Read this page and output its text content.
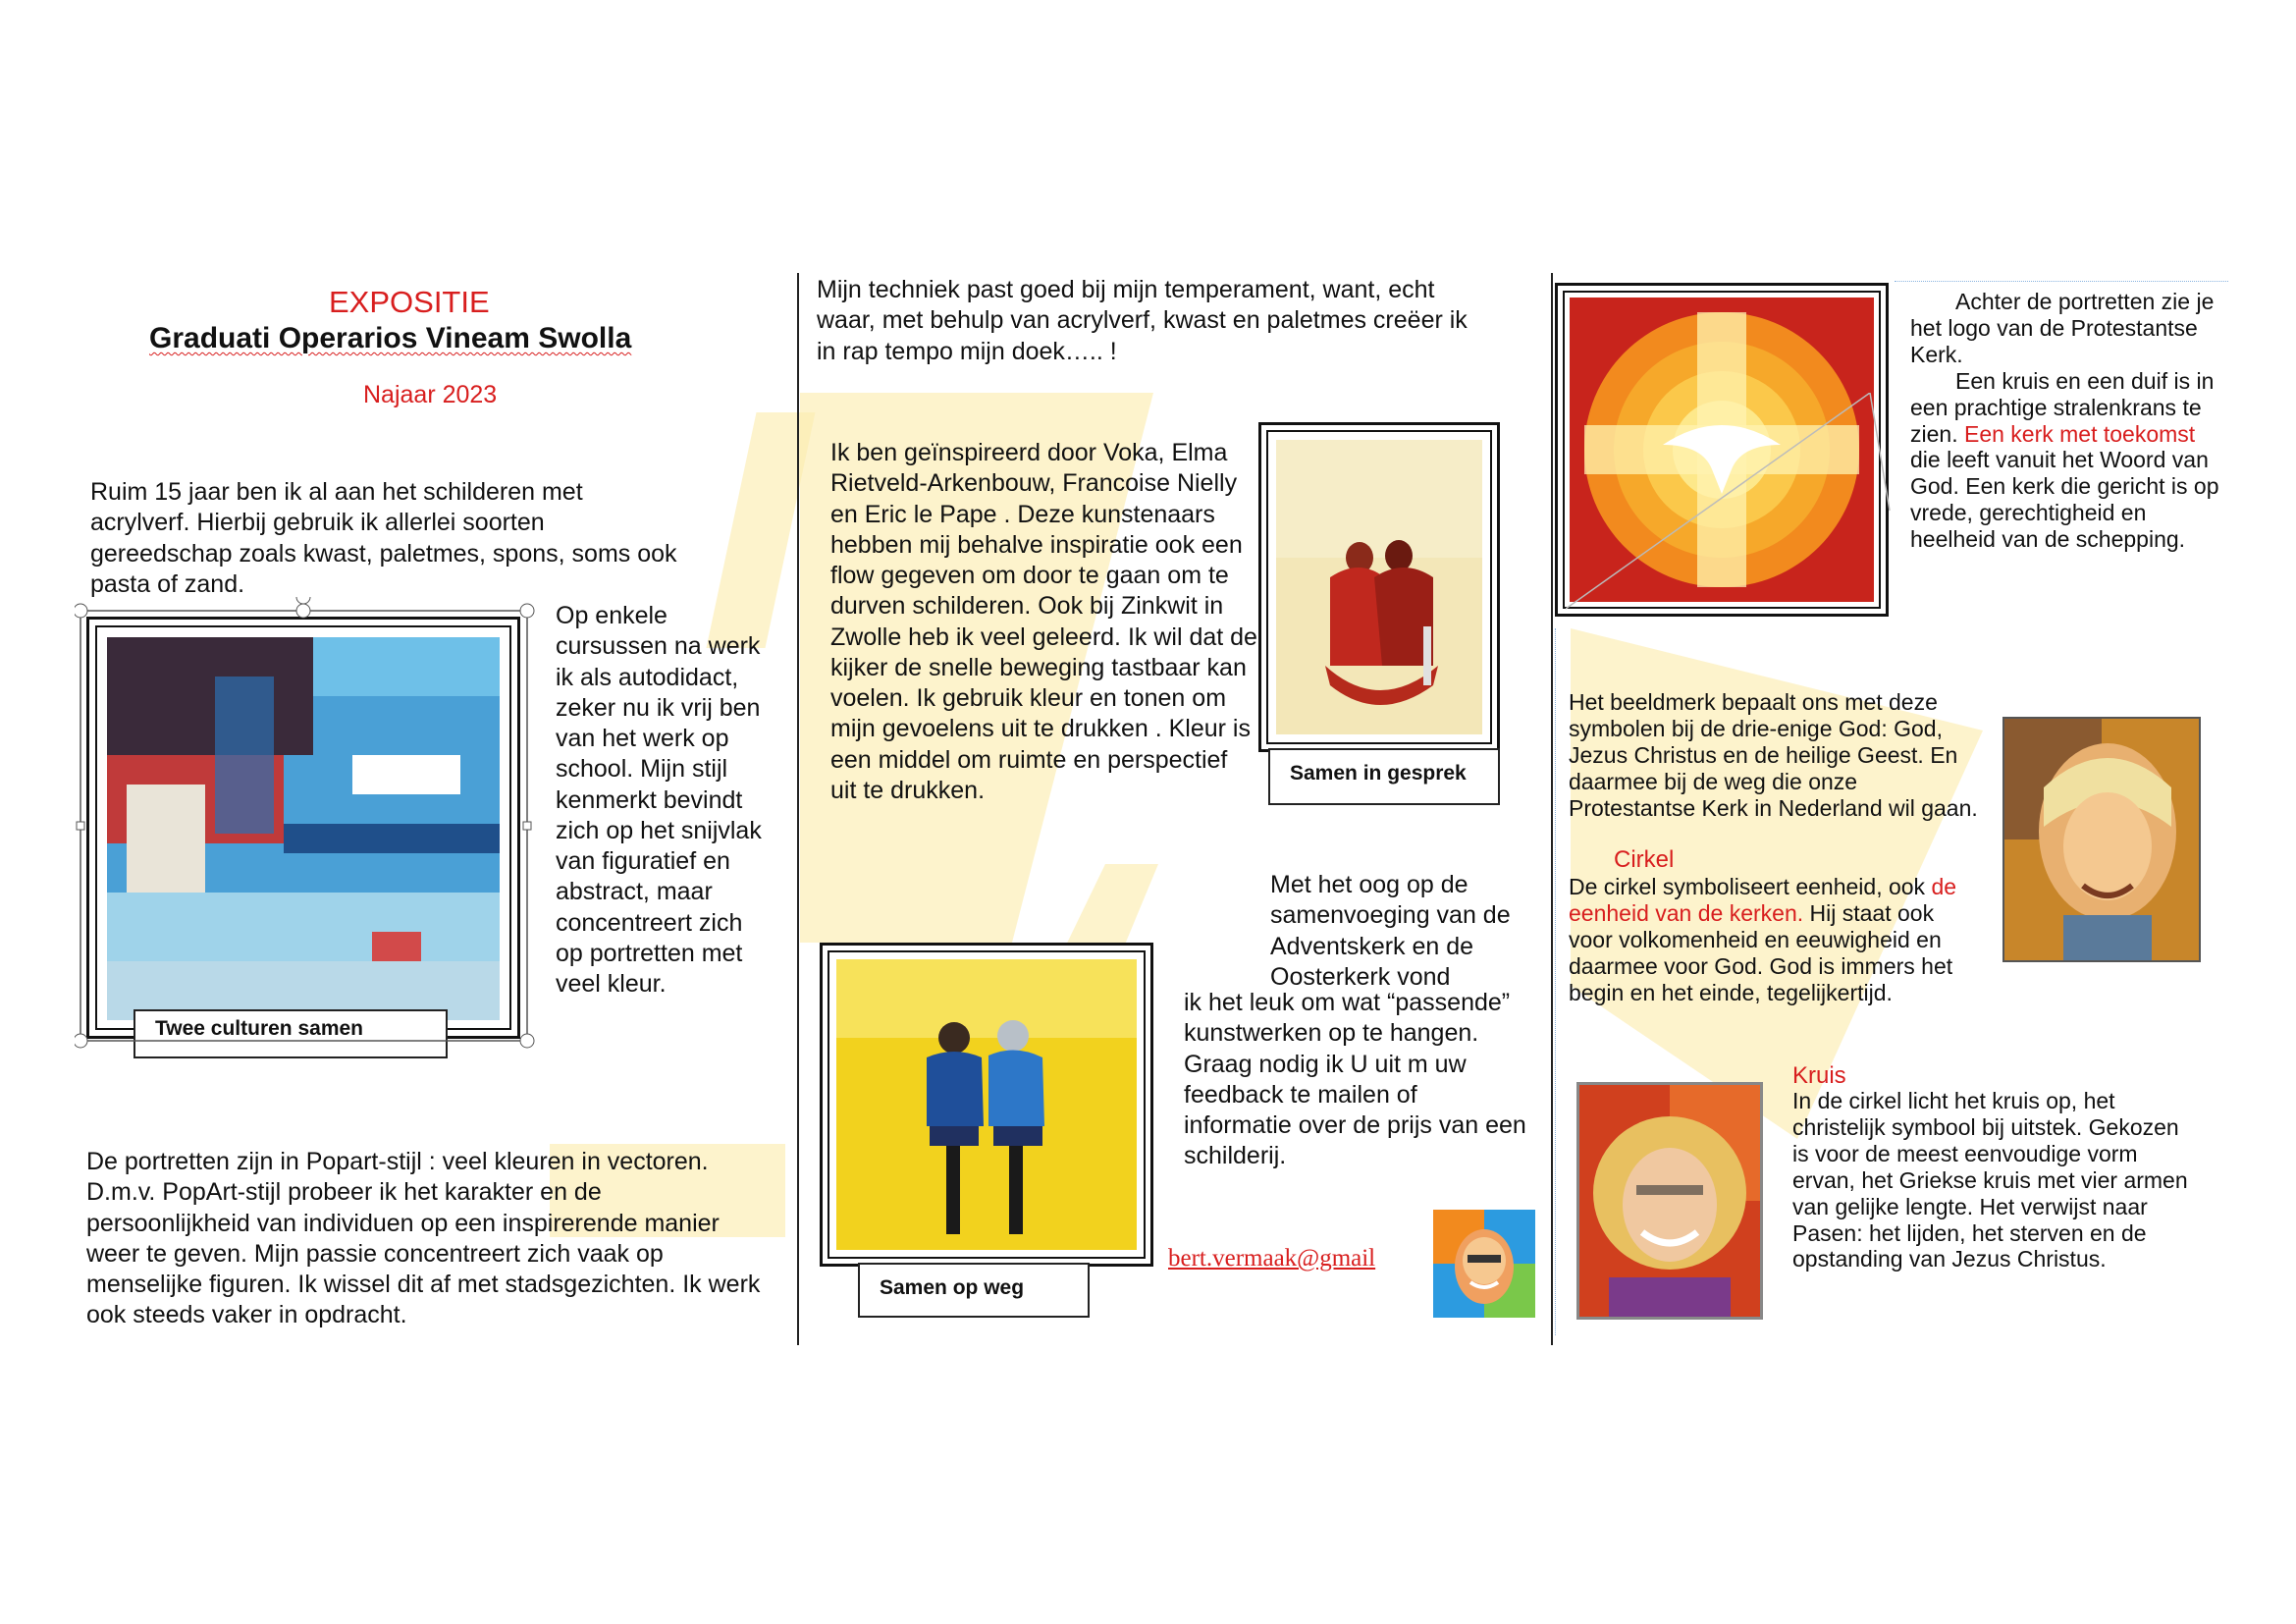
EXPOSITIE
Graduati Operarios Vineam Swolla
Najaar 2023
Ruim 15 jaar ben ik al aan het schilderen met acrylverf. Hierbij gebruik ik allerlei soorten gereedschap zoals kwast, paletmes, spons, soms ook pasta of zand.
Twee culturen samen
Op enkele cursussen na werk ik als autodidact, zeker nu ik vrij ben van het werk op school. Mijn stijl kenmerkt bevindt zich op het snijvlak van figuratief en abstract, maar concentreert zich op portretten met veel kleur.
De portretten zijn in Popart-stijl : veel kleuren in vectoren. D.m.v. PopArt-stijl probeer ik het karakter en de persoonlijkheid van individuen op een inspirerende manier weer te geven. Mijn passie concentreert zich vaak op menselijke figuren. Ik wissel dit af met stadsgezichten. Ik werk ook steeds vaker in opdracht.
Mijn techniek past goed bij mijn temperament, want, echt waar, met behulp van acrylverf, kwast en paletmes creëer ik in rap tempo mijn doek….. !
Ik ben geïnspireerd door Voka, Elma Rietveld-Arkenbouw, Francoise Nielly en Eric le Pape . Deze kunstenaars hebben mij behalve inspiratie ook een flow gegeven om door te gaan om te durven schilderen. Ook bij Zinkwit in Zwolle heb ik veel geleerd. Ik wil dat de kijker de snelle beweging tastbaar kan voelen. Ik gebruik kleur en tonen om mijn gevoelens uit te drukken . Kleur is een middel om ruimte en perspectief uit te drukken.
Samen in gesprek
Samen op weg
Met het oog op de samenvoeging van de Adventskerk en de Oosterkerk vond
ik het leuk om wat “passende” kunstwerken op te hangen. Graag nodig ik U uit m uw feedback te mailen of informatie over de prijs van een schilderij.
bert.vermaak@gmail

Achter de portretten zie je het logo van de Protestantse Kerk.

Een kruis en een duif is in een prachtige stralenkrans te zien. Een kerk met toekomst die leeft vanuit het Woord van God. Een kerk die gericht is op vrede, gerechtigheid en heelheid van de schepping.

Het beeldmerk bepaalt ons met deze symbolen bij de drie-enige God: God, Jezus Christus en de heilige Geest. En daarmee bij de weg die onze Protestantse Kerk in Nederland wil gaan.
Cirkel
De cirkel symboliseert eenheid, ook de eenheid van de kerken. Hij staat ook voor volkomenheid en eeuwigheid en daarmee voor God. God is immers het begin en het einde, tegelijkertijd.
Kruis
In de cirkel licht het kruis op, het christelijk symbool bij uitstek. Gekozen is voor de meest eenvoudige vorm ervan, het Griekse kruis met vier armen van gelijke lengte. Het verwijst naar Pasen: het lijden, het sterven en de opstanding van Jezus Christus.
